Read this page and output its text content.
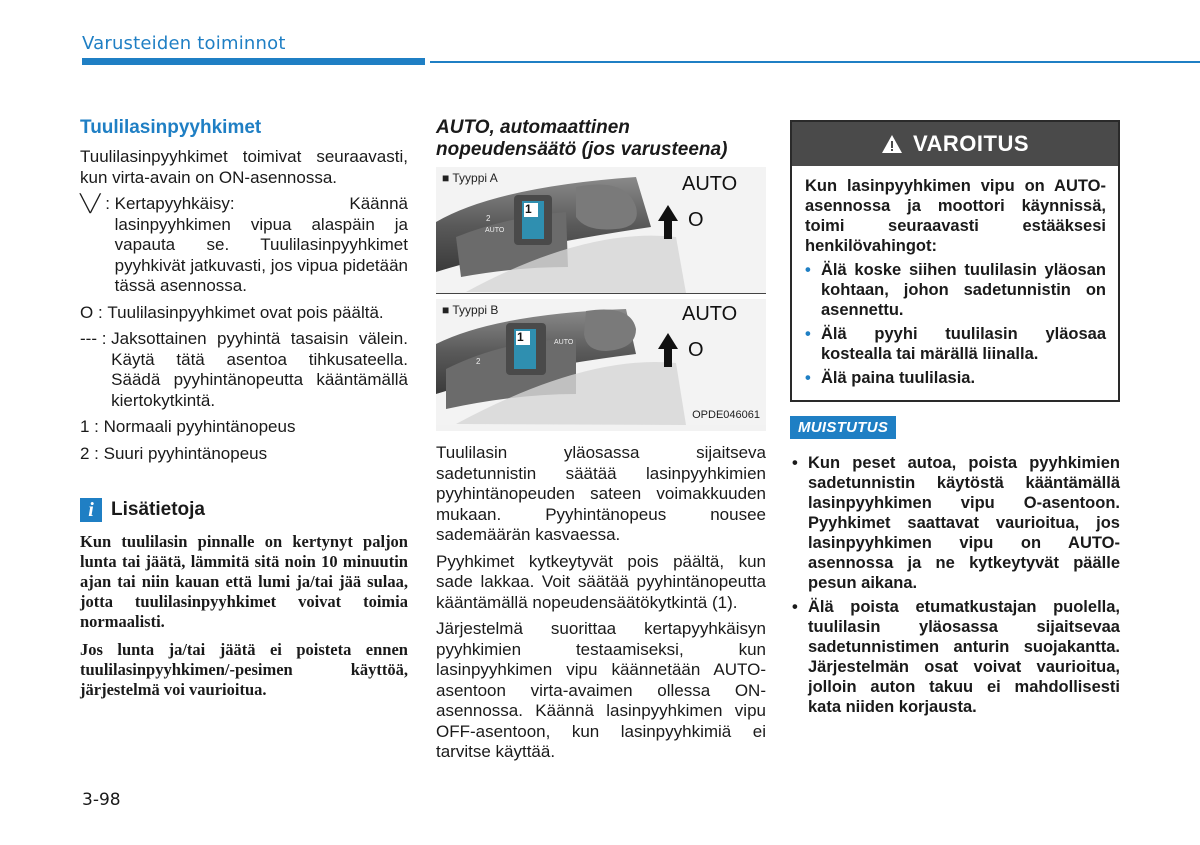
Varusteiden toiminnot
Tuulilasinpyyhkimet

Tuulilasinpyyhkimet toimivat seuraavasti, kun virta-avain on ON-asennossa.

╲╱ : Kertapyyhkäisy: Käännä lasinpyyhkimen vipua alaspäin ja vapauta se. Tuulilasinpyyhkimet pyyhkivät jatkuvasti, jos vipua pidetään tässä asennossa.
O : Tuulilasinpyyhkimet ovat pois päältä.
--- : Jaksottainen pyyhintä tasaisin välein. Käytä tätä asentoa tihkusateella. Säädä pyyhintänopeutta kääntämällä kiertokytkintä.
1 : Normaali pyyhintänopeus
2 : Suuri pyyhintänopeus
i Lisätietoja

Kun tuulilasin pinnalle on kertynyt paljon lunta tai jäätä, lämmitä sitä noin 10 minuutin ajan tai niin kauan että lumi ja/tai jää sulaa, jotta tuulilasinpyyhkimet voivat toimia normaalisti.

Jos lunta ja/tai jäätä ei poisteta ennen tuulilasinpyyhkimen/-pesimen käyttöä, järjestelmä voi vaurioitua.

AUTO, automaattinen nopeudensäätö (jos varusteena)
■ Tyyppi A
1
AUTO
2
AUTO
O
■ Tyyppi B
1	AUTO
2
AUTO
O
OPDE046061

Tuulilasin yläosassa sijaitseva sadetunnistin säätää lasinpyyhkimien pyyhintänopeuden sateen voimakkuuden mukaan. Pyyhintänopeus nousee sademäärän kasvaessa.

Pyyhkimet kytkeytyvät pois päältä, kun sade lakkaa. Voit säätää pyyhintänopeutta kääntämällä nopeudensäätökytkintä (1).

Järjestelmä suorittaa kertapyyhkäisyn pyyhkimien testaamiseksi, kun lasinpyyhkimen vipu käännetään AUTO-asentoon virta-avaimen ollessa ON-asennossa. Käännä lasinpyyhkimen vipu OFF-asentoon, kun lasinpyyhkimiä ei tarvitse käyttää.

VAROITUS

Kun lasinpyyhkimen vipu on AUTO-asennossa ja moottori käynnissä, toimi seuraavasti estääksesi henkilövahingot:

• Älä koske siihen tuulilasin yläosan kohtaan, johon sadetunnistin on asennettu.
• Älä pyyhi tuulilasin yläosaa kostealla tai märällä liinalla.
• Älä paina tuulilasia.
MUISTUTUS
• Kun peset autoa, poista pyyhkimien sadetunnistin käytöstä kääntämällä lasinpyyhkimen vipu O-asentoon. Pyyhkimet saattavat vaurioitua, jos lasinpyyhkimen vipu on AUTO-asennossa ja ne kytkeytyvät päälle pesun aikana.
• Älä poista etumatkustajan puolella, tuulilasin yläosassa sijaitsevaa sadetunnistimen anturin suojakantta. Järjestelmän osat voivat vaurioitua, jolloin auton takuu ei mahdollisesti kata niiden korjausta.
3-98
